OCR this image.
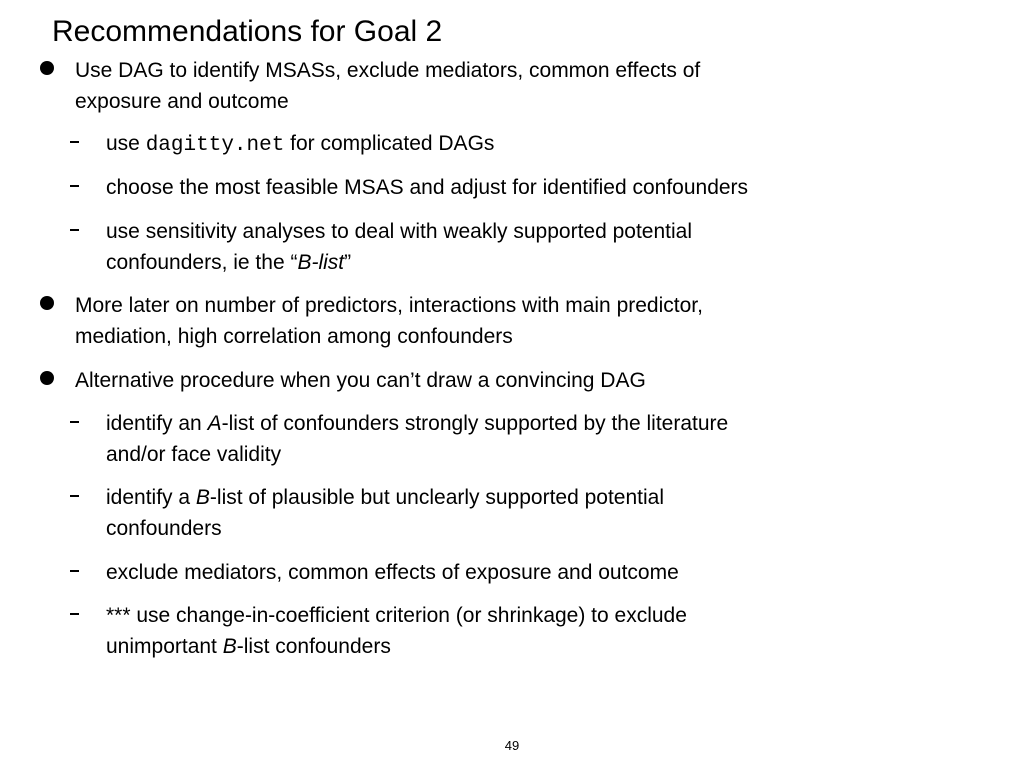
Recommendations for Goal 2
Use DAG to identify MSASs, exclude mediators, common effects of
exposure and outcome
use dagitty.net for complicated DAGs
choose the most feasible MSAS and adjust for identified confounders
use sensitivity analyses to deal with weakly supported potential
confounders, ie the “B-list”
More later on number of predictors, interactions with main predictor,
mediation, high correlation among confounders
Alternative procedure when you can’t draw a convincing DAG
identify an A-list of confounders strongly supported by the literature
and/or face validity
identify a B-list of plausible but unclearly supported potential
confounders
exclude mediators, common effects of exposure and outcome
*** use change-in-coefficient criterion (or shrinkage) to exclude
unimportant B-list confounders
49
